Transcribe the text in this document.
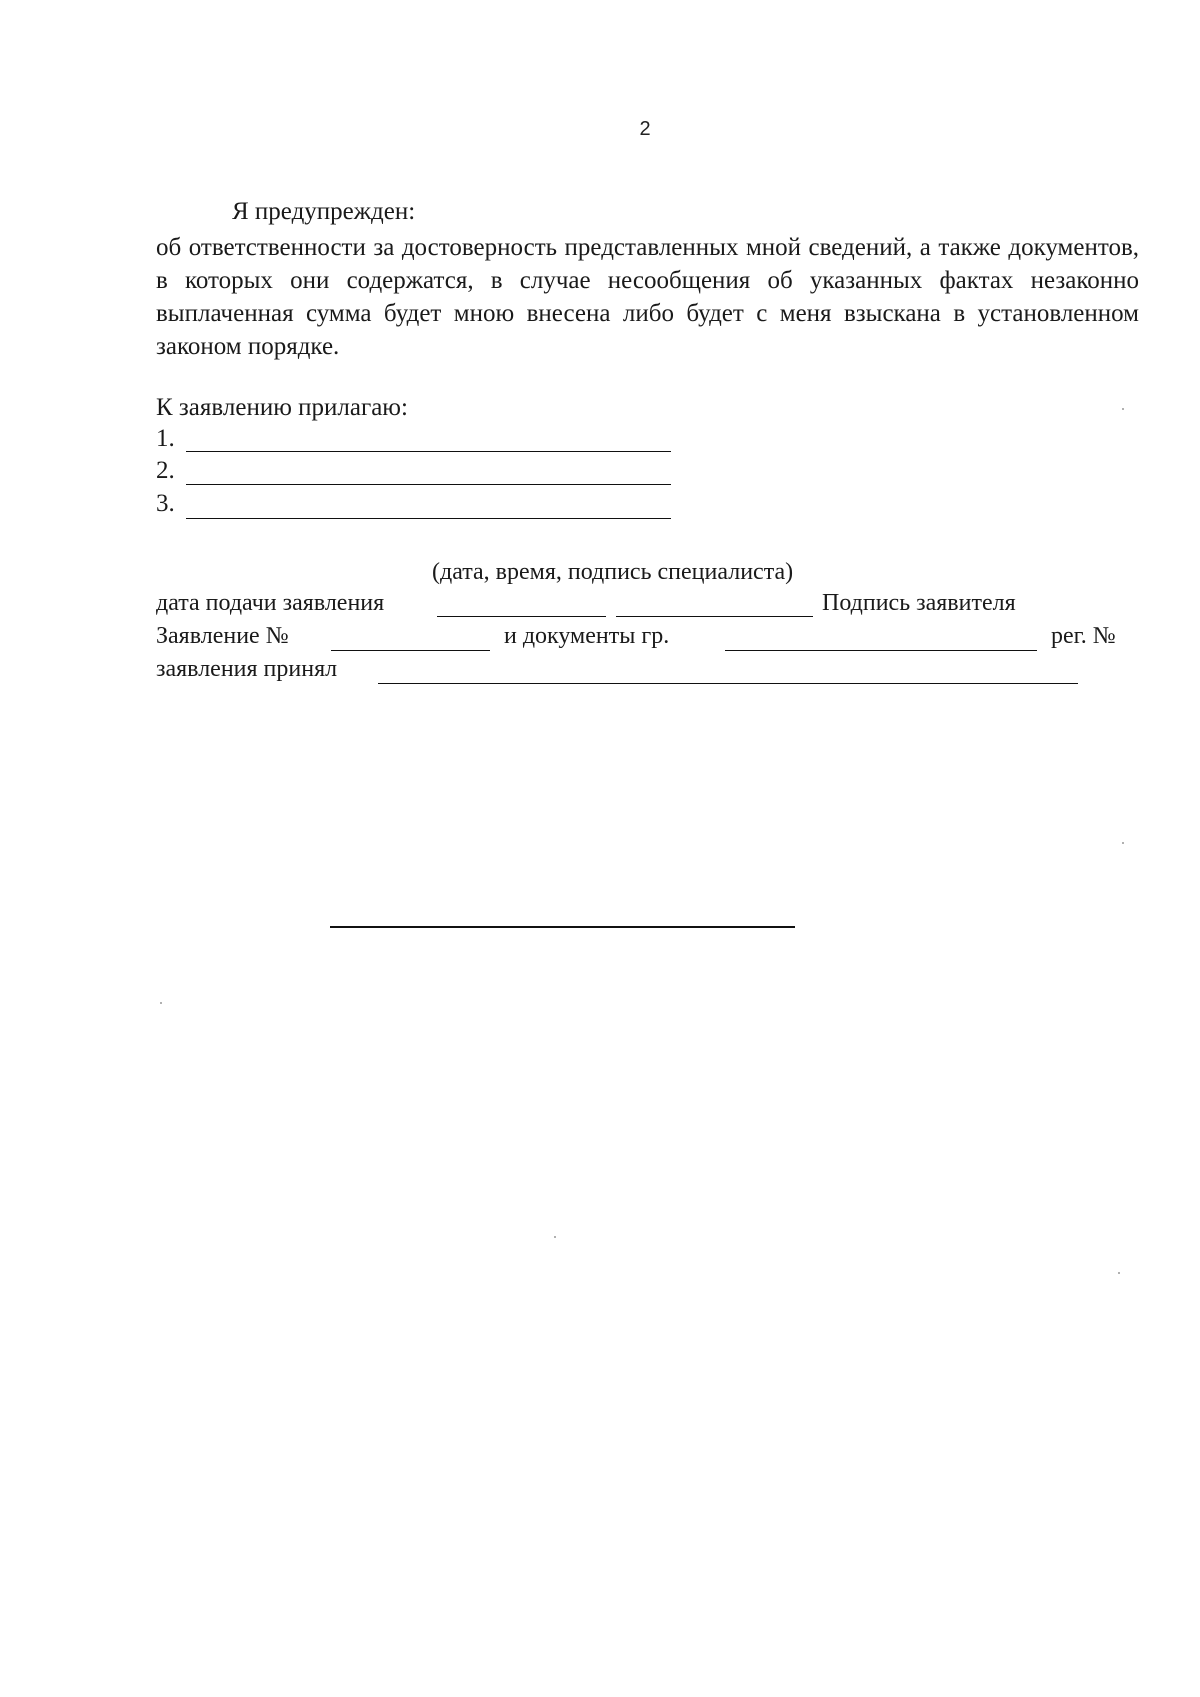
2
Я предупрежден:
об ответственности за достоверность представленных мной сведений, а также документов, в которых они содержатся, в случае несообщения об указанных фактах незаконно выплаченная сумма будет мною внесена либо будет с меня взыскана в установленном законом порядке.
К заявлению прилагаю:
1.
2.
3.
(дата, время, подпись специалиста)
дата подачи заявления	Подпись заявителя
Заявление №	и документы гр.	рег. №
заявления принял
